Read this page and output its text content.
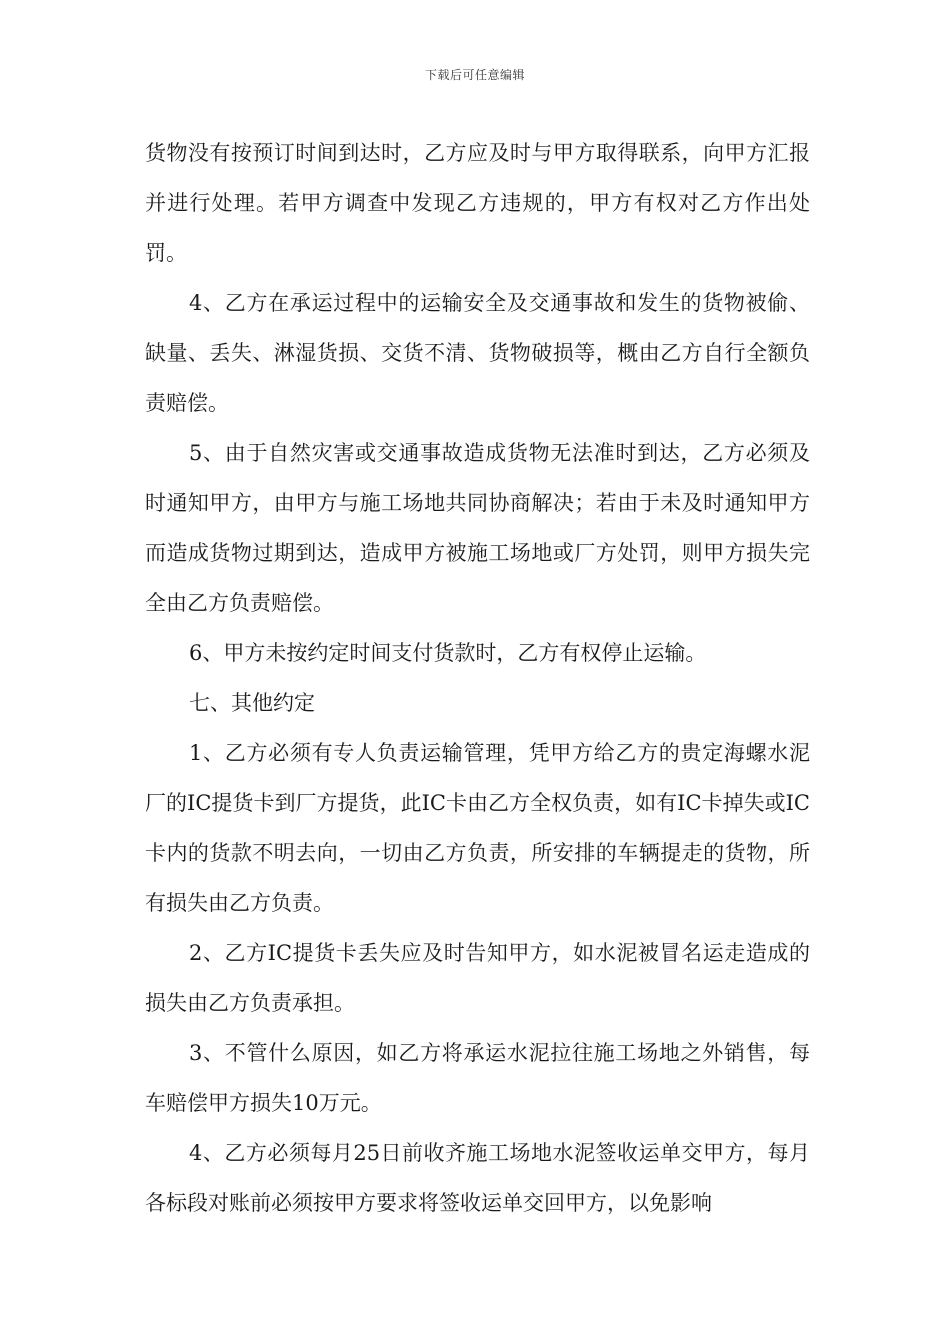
下载后可任意编辑

货物没有按预订时间到达时，乙方应及时与甲方取得联系，向甲方汇报并进行处理。若甲方调查中发现乙方违规的，甲方有权对乙方作出处罚。

4、乙方在承运过程中的运输安全及交通事故和发生的货物被偷、缺量、丢失、淋湿货损、交货不清、货物破损等，概由乙方自行全额负责赔偿。

5、由于自然灾害或交通事故造成货物无法准时到达，乙方必须及时通知甲方，由甲方与施工场地共同协商解决；若由于未及时通知甲方而造成货物过期到达，造成甲方被施工场地或厂方处罚，则甲方损失完全由乙方负责赔偿。

6、甲方未按约定时间支付货款时，乙方有权停止运输。

七、其他约定

1、乙方必须有专人负责运输管理，凭甲方给乙方的贵定海螺水泥厂的IC提货卡到厂方提货，此IC卡由乙方全权负责，如有IC卡掉失或IC卡内的货款不明去向，一切由乙方负责，所安排的车辆提走的货物，所有损失由乙方负责。

2、乙方IC提货卡丢失应及时告知甲方，如水泥被冒名运走造成的损失由乙方负责承担。

3、不管什么原因，如乙方将承运水泥拉往施工场地之外销售，每车赔偿甲方损失10万元。

4、乙方必须每月25日前收齐施工场地水泥签收运单交甲方，每月各标段对账前必须按甲方要求将签收运单交回甲方，以免影响
